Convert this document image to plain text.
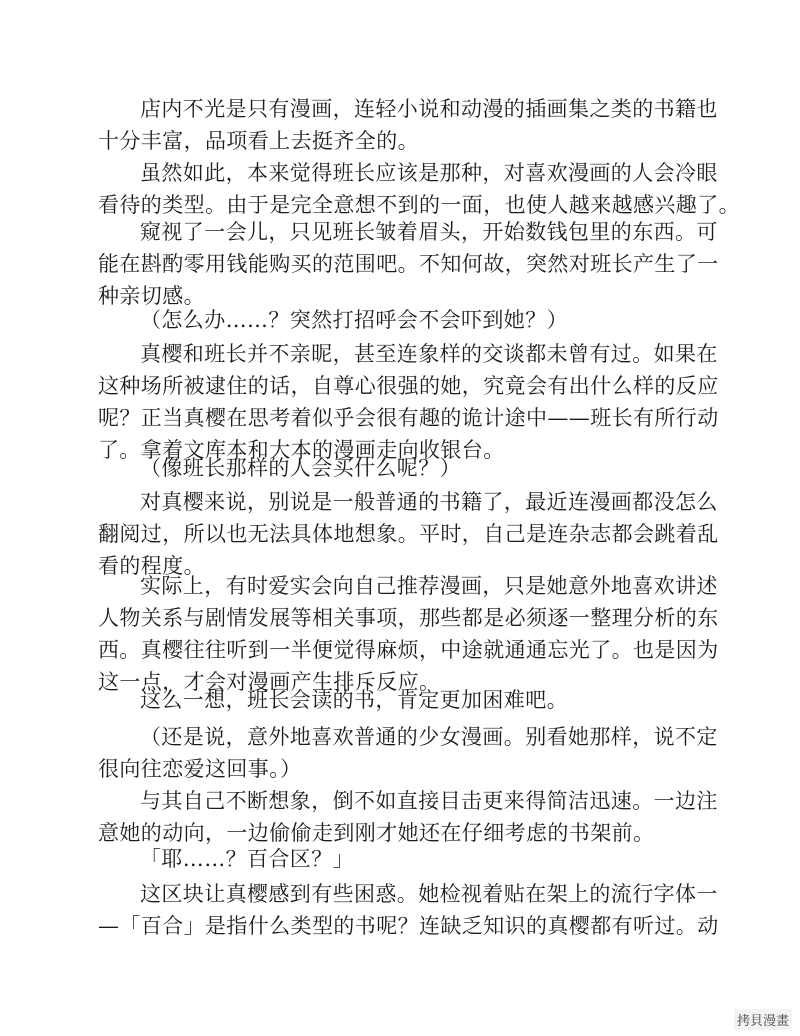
店内不光是只有漫画，连轻小说和动漫的插画集之类的书籍也
十分丰富，品项看上去挺齐全的。
虽然如此，本来觉得班长应该是那种，对喜欢漫画的人会冷眼
看待的类型。由于是完全意想不到的一面，也使人越来越感兴趣了。
窥视了一会儿，只见班长皱着眉头，开始数钱包里的东西。可
能在斟酌零用钱能购买的范围吧。不知何故，突然对班长产生了一
种亲切感。
（怎么办……？突然打招呼会不会吓到她？）
真樱和班长并不亲昵，甚至连象样的交谈都未曾有过。如果在
这种场所被逮住的话，自尊心很强的她，究竟会有出什么样的反应
呢？正当真樱在思考着似乎会很有趣的诡计途中——班长有所行动
了。拿着文库本和大本的漫画走向收银台。
（像班长那样的人会买什么呢？）
对真樱来说，别说是一般普通的书籍了，最近连漫画都没怎么
翻阅过，所以也无法具体地想象。平时，自己是连杂志都会跳着乱
看的程度。
实际上，有时爱实会向自己推荐漫画，只是她意外地喜欢讲述
人物关系与剧情发展等相关事项，那些都是必须逐一整理分析的东
西。真樱往往听到一半便觉得麻烦，中途就通通忘光了。也是因为
这一点，才会对漫画产生排斥反应。
这么一想，班长会读的书，肯定更加困难吧。
（还是说，意外地喜欢普通的少女漫画。别看她那样，说不定
很向往恋爱这回事。）
与其自己不断想象，倒不如直接目击更来得简洁迅速。一边注
意她的动向，一边偷偷走到刚才她还在仔细考虑的书架前。
「耶……？百合区？」
这区块让真樱感到有些困惑。她检视着贴在架上的流行字体一
—「百合」是指什么类型的书呢？连缺乏知识的真樱都有听过。动
拷貝漫畫
